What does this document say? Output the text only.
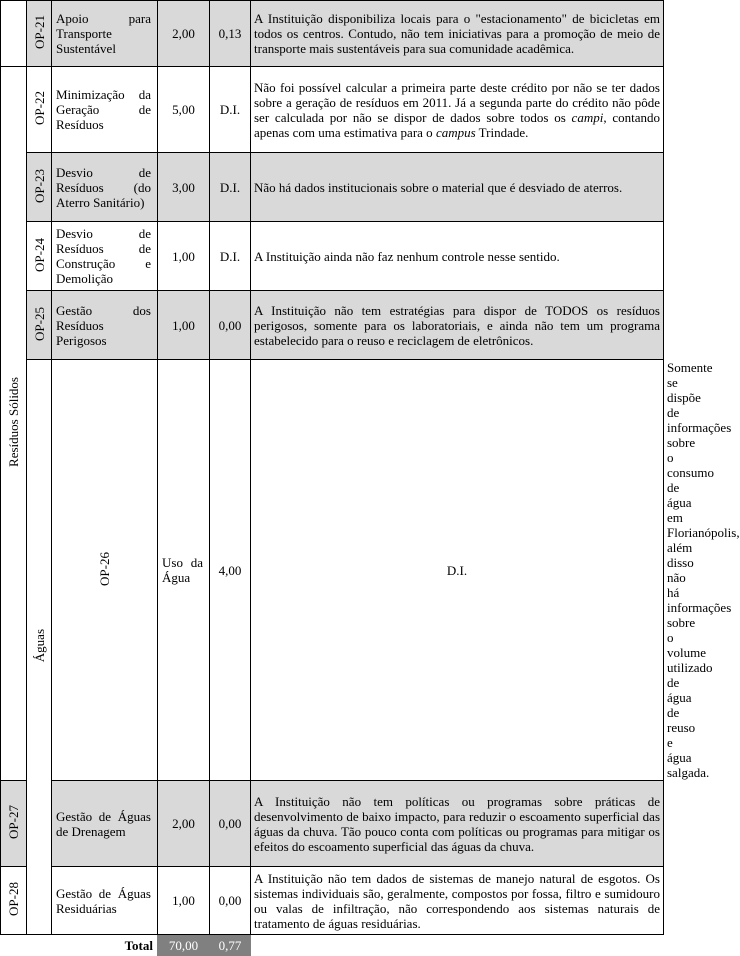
	OP-21	Apoio para Transporte Sustentável	2,00	0,13	A Instituição disponibiliza locais para o "estacionamento" de bicicletas em todos os centros. Contudo, não tem iniciativas para a promoção de meio de transporte mais sustentáveis para sua comunidade acadêmica.	
Resíduos Sólidos	OP-22	Minimização da Geração de Resíduos	5,00	D.I.	Não foi possível calcular a primeira parte deste crédito por não se ter dados sobre a geração de resíduos em 2011. Já a segunda parte do crédito não pôde ser calculada por não se dispor de dados sobre todos os campi, contando apenas com uma estimativa para o campus Trindade.	
	OP-23	Desvio de Resíduos (do Aterro Sanitário)	3,00	D.I.	Não há dados institucionais sobre o material que é desviado de aterros.	
	OP-24	Desvio de Resíduos de Construção e Demolição	1,00	D.I.	A Instituição ainda não faz nenhum controle nesse sentido.	
	OP-25	Gestão dos Resíduos Perigosos	1,00	0,00	A Instituição não tem estratégias para dispor de TODOS os resíduos perigosos, somente para os laboratoriais, e ainda não tem um programa estabelecido para o reuso e reciclagem de eletrônicos.	
	Águas	OP-26	Uso da Água	4,00	D.I.	Somente se dispõe de informações sobre o consumo de água em Florianópolis, além disso não há informações sobre o volume utilizado de água de reuso e água salgada.
OP-27		Gestão de Águas de Drenagem	2,00	0,00	A Instituição não tem políticas ou programas sobre práticas de desenvolvimento de baixo impacto, para reduzir o escoamento superficial das águas da chuva. Tão pouco conta com políticas ou programas para mitigar os efeitos do escoamento superficial das águas da chuva.	
OP-28		Gestão de Águas Residuárias	1,00	0,00	A Instituição não tem dados de sistemas de manejo natural de esgotos. Os sistemas individuais são, geralmente, compostos por fossa, filtro e sumidouro ou valas de infiltração, não correspondendo aos sistemas naturais de tratamento de águas residuárias.	
		Total	70,00	0,77		
